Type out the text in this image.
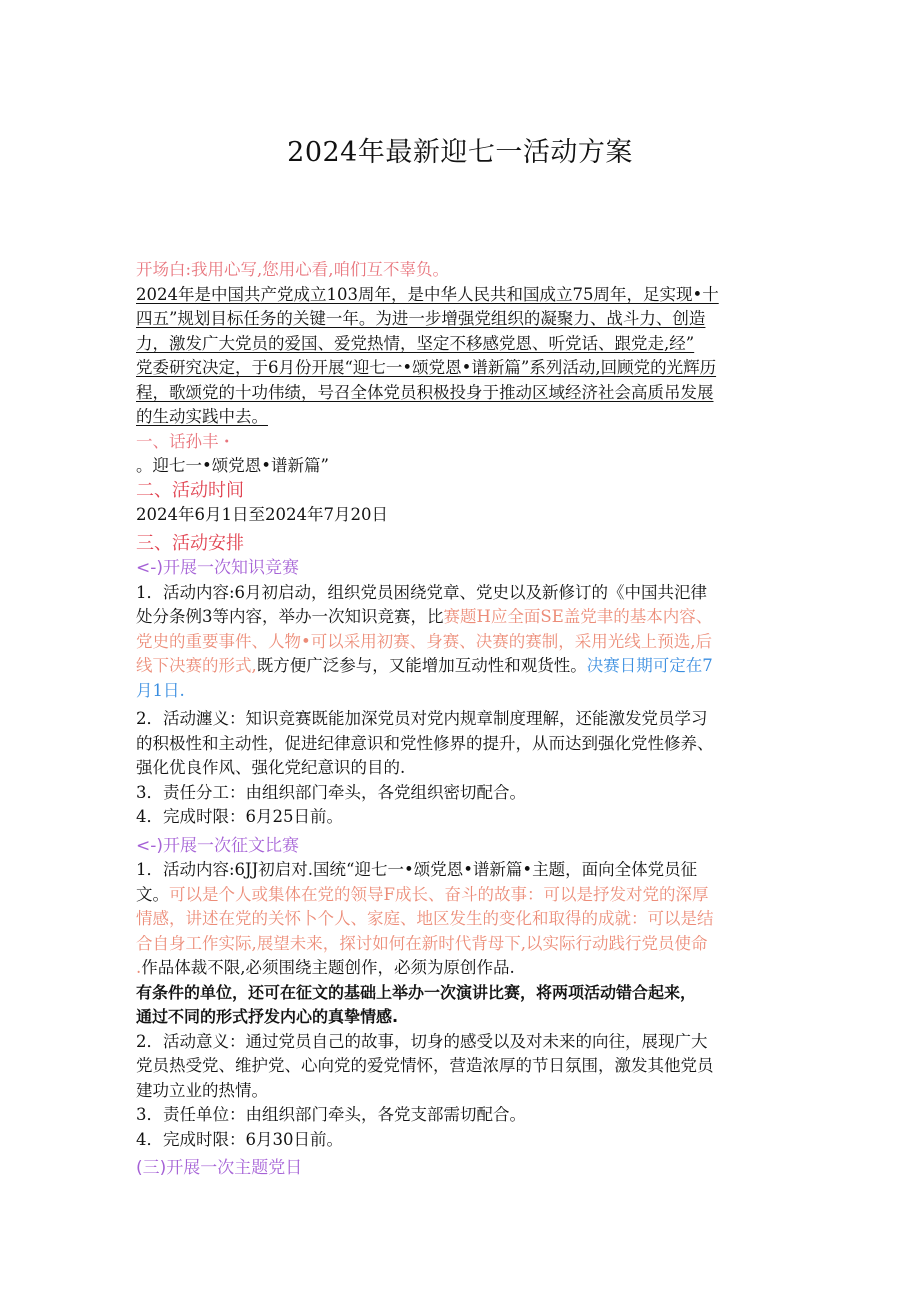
2024年最新迎七一活动方案

开场白:我用心写,您用心看,咱们互不辜负。

2024年是中国共产党成立103周年，是中华人民共和国成立75周年，足实现•十

四五”规划目标任务的关键一年。为进一步增强党组织的凝聚力、战斗力、创造

力，激发广大党员的爱国、爱党热情，坚定不移感党恩、听党话、跟党走,经”

党委研究决定，于6月份开展“迎七一•颂党恩•谱新篇”系列活动,回顾党的光辉历

程，歌颂党的十功伟绩，号召全体党员积极投身于推动区域经济社会高质吊发展

的生动实践中去。

一、话孙丰・

。迎七一•颂党恩•谱新篇”

二、活动时间

2024年6月1日至2024年7月20日

三、活动安排

<-)开展一次知识竞赛

1．活动内容:6月初启动，组织党员困绕党章、党史以及新修订的《中国共汜律

处分条例3等内容，举办一次知识竞赛，比赛题H应全面SE盖党聿的基本内容、

党史的重要事件、人物•可以采用初赛、身赛、决赛的赛制，采用光线上预选,后

线下决赛的形式,既方便广泛参与，又能增加互动性和观货性。决赛日期可定在7

月1日.

2．活动瀍义：知识竞赛既能加深党员对党内规章制度理解，还能激发党员学习

的积极性和主动性，促进纪律意识和党性修界的提升，从而达到强化党性修养、

强化优良作风、强化党纪意识的目的.

3．责任分工：由组织部门牵头，各党组织密切配合。

4．完成时限：6月25日前。

<-)开展一次征文比赛

1．活动内容:6JJ初启对.国统“迎七一•颂党恩•谱新篇•主题，面向全体党员征

文。可以是个人或集体在党的领导F成长、奋斗的故事：可以是抒发对党的深厚

情感，讲述在党的关怀卜个人、家庭、地区发生的变化和取得的成就：可以是结

合自身工作实际,展望未来，探讨如何在新时代背母下,以实际行动践行党员使命

.作品体裁不限,必须围绕主题创作，必须为原创作品.

有条件的单位，还可在征文的基础上举办一次演讲比赛，将两项活动错合起来，

通过不同的形式抒发内心的真挚情感.

2．活动意义：通过党员自己的故事，切身的感受以及对未来的向往，展现广大

党员热受党、维护党、心向党的爱党情怀，营造浓厚的节日氛围，激发其他党员

建功立业的热情。

3．责任单位：由组织部门牵头，各党支部需切配合。

4．完成时限：6月30日前。

(三)开展一次主题党日
